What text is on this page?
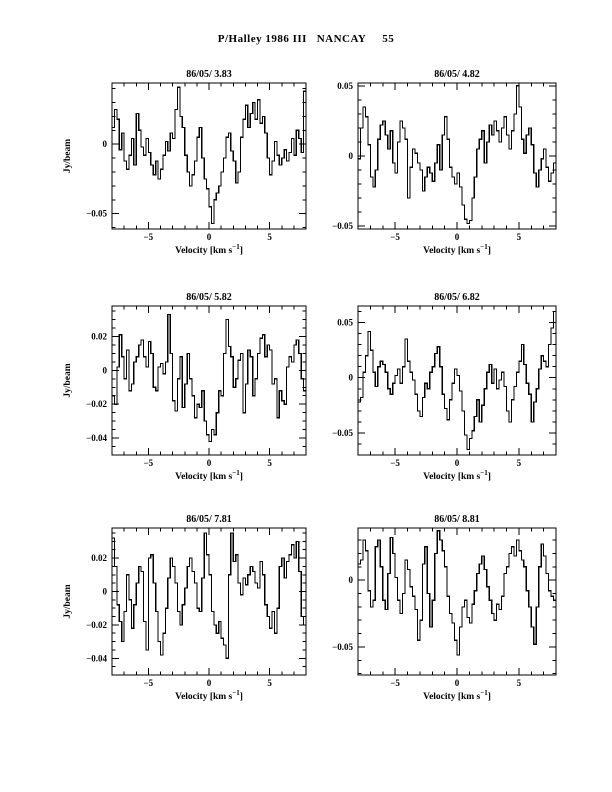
P/Halley 1986 III   NANCAY     55
−5	0	5
0
−0.05
86/05/ 3.83
Velocity [km $s^{-1}$]
Jy/beam
−5	0	5
0.05
0
−0.05
86/05/ 4.82
Velocity [km $s^{-1}$]
−5	0	5
0.02
0
−0.02
−0.04
86/05/ 5.82
Velocity [km $s^{-1}$]
Jy/beam
−5	0	5
0.05
0
−0.05
86/05/ 6.82
Velocity [km $s^{-1}$]
−5	0	5
0.02
0
−0.02
−0.04
86/05/ 7.81
Velocity [km $s^{-1}$]
Jy/beam
−5	0	5
0
−0.05
86/05/ 8.81
Velocity [km $s^{-1}$]
